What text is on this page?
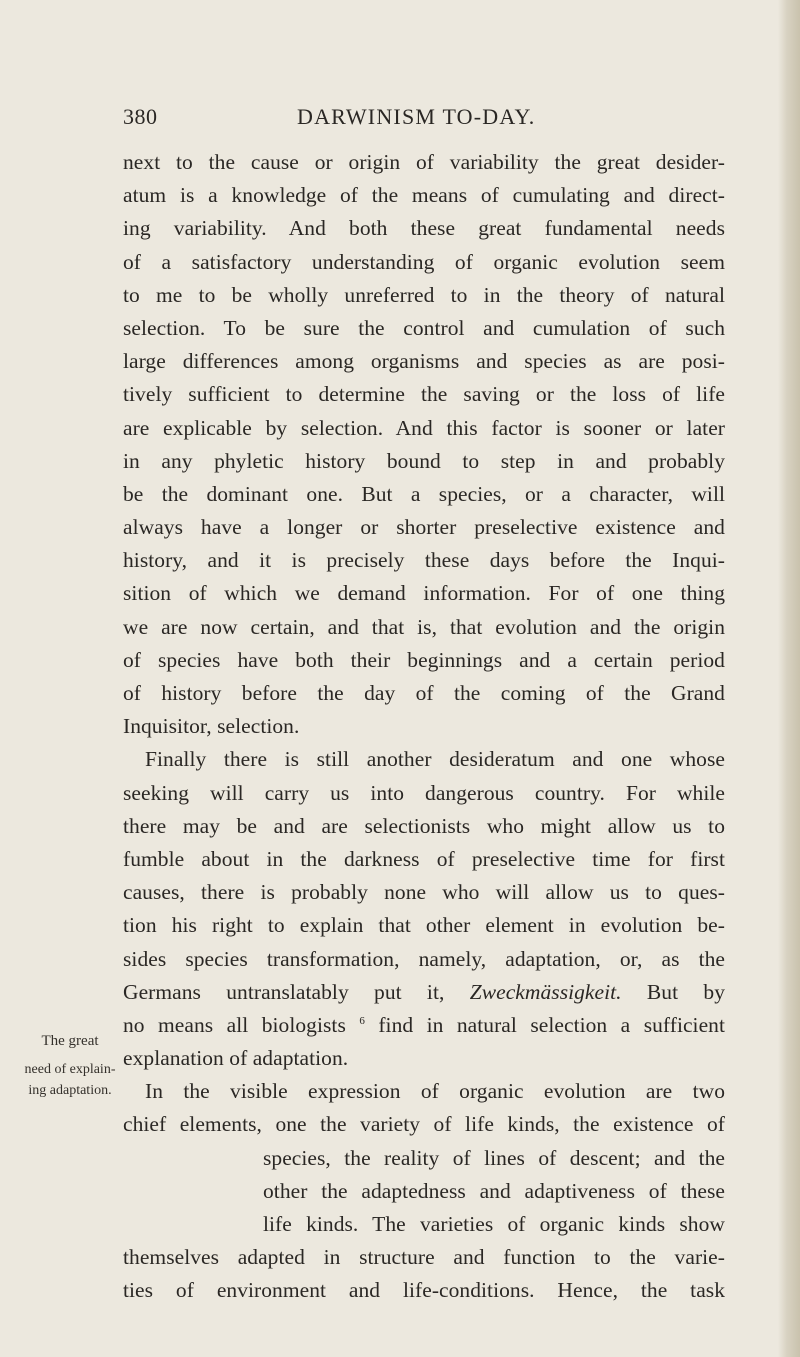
380	DARWINISM TO-DAY.
next to the cause or origin of variability the great desider-
atum is a knowledge of the means of cumulating and direct-
ing variability. And both these great fundamental needs
of a satisfactory understanding of organic evolution seem
to me to be wholly unreferred to in the theory of natural
selection. To be sure the control and cumulation of such
large differences among organisms and species as are posi-
tively sufficient to determine the saving or the loss of life
are explicable by selection. And this factor is sooner or later
in any phyletic history bound to step in and probably
be the dominant one. But a species, or a character, will
always have a longer or shorter preselective existence and
history, and it is precisely these days before the Inqui-
sition of which we demand information. For of one thing
we are now certain, and that is, that evolution and the origin
of species have both their beginnings and a certain period
of history before the day of the coming of the Grand
Inquisitor, selection.
Finally there is still another desideratum and one whose
seeking will carry us into dangerous country. For while
there may be and are selectionists who might allow us to
fumble about in the darkness of preselective time for first
causes, there is probably none who will allow us to ques-
tion his right to explain that other element in evolution be-
sides species transformation, namely, adaptation, or, as the
Germans untranslatably put it, Zweckmässigkeit. But by
no means all biologists $^6$ find in natural selection a sufficient
explanation of adaptation.
In the visible expression of organic evolution are two
chief elements, one the variety of life kinds, the existence of
species, the reality of lines of descent; and the
other the adaptedness and adaptiveness of these
life kinds. The varieties of organic kinds show
themselves adapted in structure and function to the varie-
ties of environment and life-conditions. Hence, the task
The great
need of explain-
ing adaptation.
